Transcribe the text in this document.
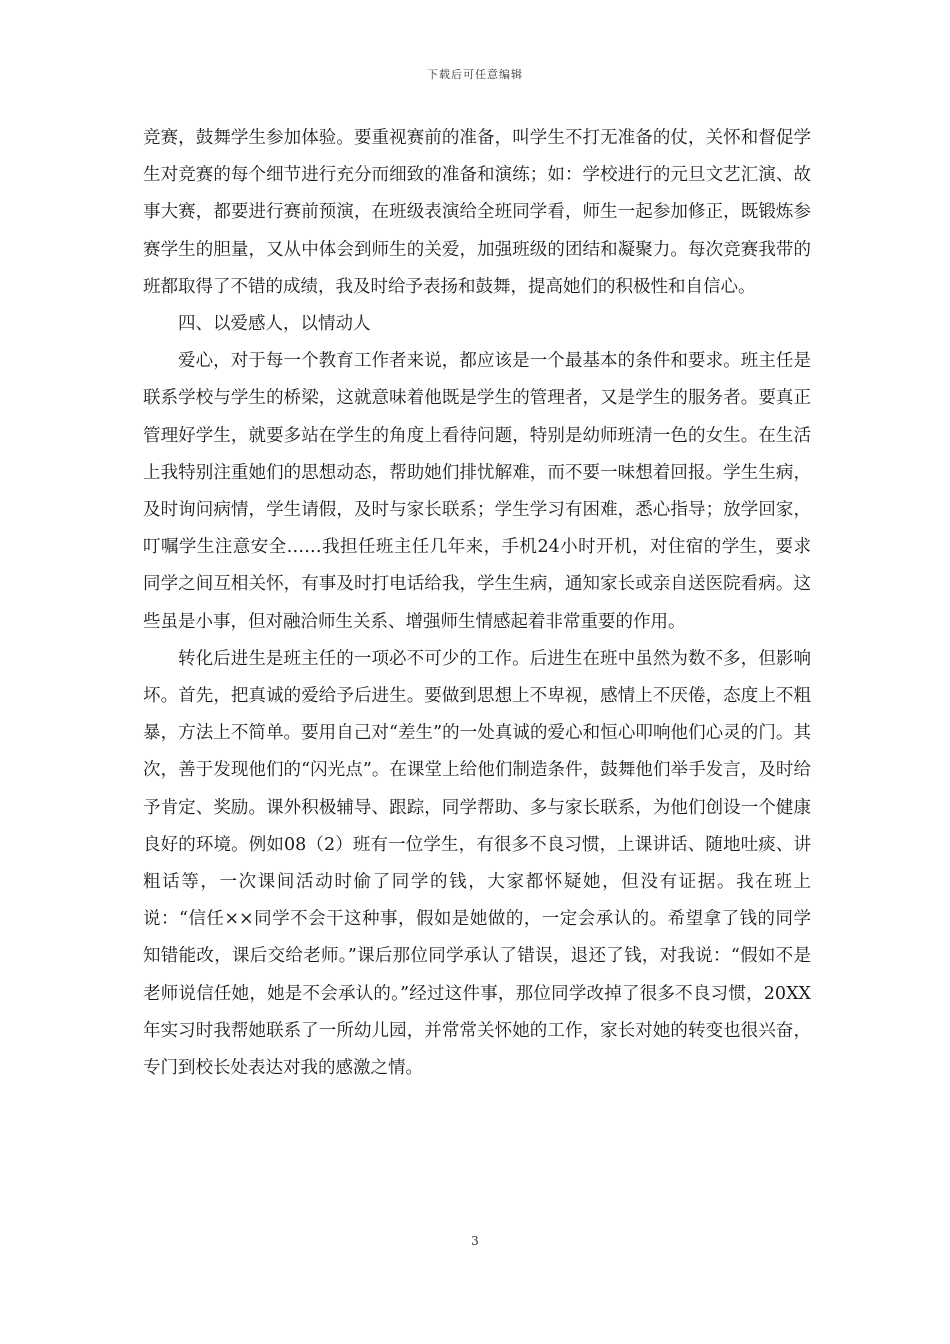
下载后可任意编辑

竞赛，鼓舞学生参加体验。要重视赛前的准备，叫学生不打无准备的仗，关怀和督促学生对竞赛的每个细节进行充分而细致的准备和演练；如：学校进行的元旦文艺汇演、故事大赛，都要进行赛前预演，在班级表演给全班同学看，师生一起参加修正，既锻炼参赛学生的胆量，又从中体会到师生的关爱，加强班级的团结和凝聚力。每次竞赛我带的班都取得了不错的成绩，我及时给予表扬和鼓舞，提高她们的积极性和自信心。

四、以爱感人，以情动人

爱心，对于每一个教育工作者来说，都应该是一个最基本的条件和要求。班主任是联系学校与学生的桥梁，这就意味着他既是学生的管理者，又是学生的服务者。要真正管理好学生，就要多站在学生的角度上看待问题，特别是幼师班清一色的女生。在生活上我特别注重她们的思想动态，帮助她们排忧解难，而不要一味想着回报。学生生病，及时询问病情，学生请假，及时与家长联系；学生学习有困难，悉心指导；放学回家，叮嘱学生注意安全……我担任班主任几年来，手机24小时开机，对住宿的学生，要求同学之间互相关怀，有事及时打电话给我，学生生病，通知家长或亲自送医院看病。这些虽是小事，但对融洽师生关系、增强师生情感起着非常重要的作用。

转化后进生是班主任的一项必不可少的工作。后进生在班中虽然为数不多，但影响坏。首先，把真诚的爱给予后进生。要做到思想上不卑视，感情上不厌倦，态度上不粗暴，方法上不简单。要用自己对“差生”的一处真诚的爱心和恒心叩响他们心灵的门。其次，善于发现他们的“闪光点”。在课堂上给他们制造条件，鼓舞他们举手发言，及时给予肯定、奖励。课外积极辅导、跟踪，同学帮助、多与家长联系，为他们创设一个健康良好的环境。例如08（2）班有一位学生，有很多不良习惯，上课讲话、随地吐痰、讲粗话等，一次课间活动时偷了同学的钱，大家都怀疑她，但没有证据。我在班上说：“信任××同学不会干这种事，假如是她做的，一定会承认的。希望拿了钱的同学知错能改，课后交给老师。”课后那位同学承认了错误，退还了钱，对我说：“假如不是老师说信任她，她是不会承认的。”经过这件事，那位同学改掉了很多不良习惯，20XX年实习时我帮她联系了一所幼儿园，并常常关怀她的工作，家长对她的转变也很兴奋，专门到校长处表达对我的感激之情。

3
